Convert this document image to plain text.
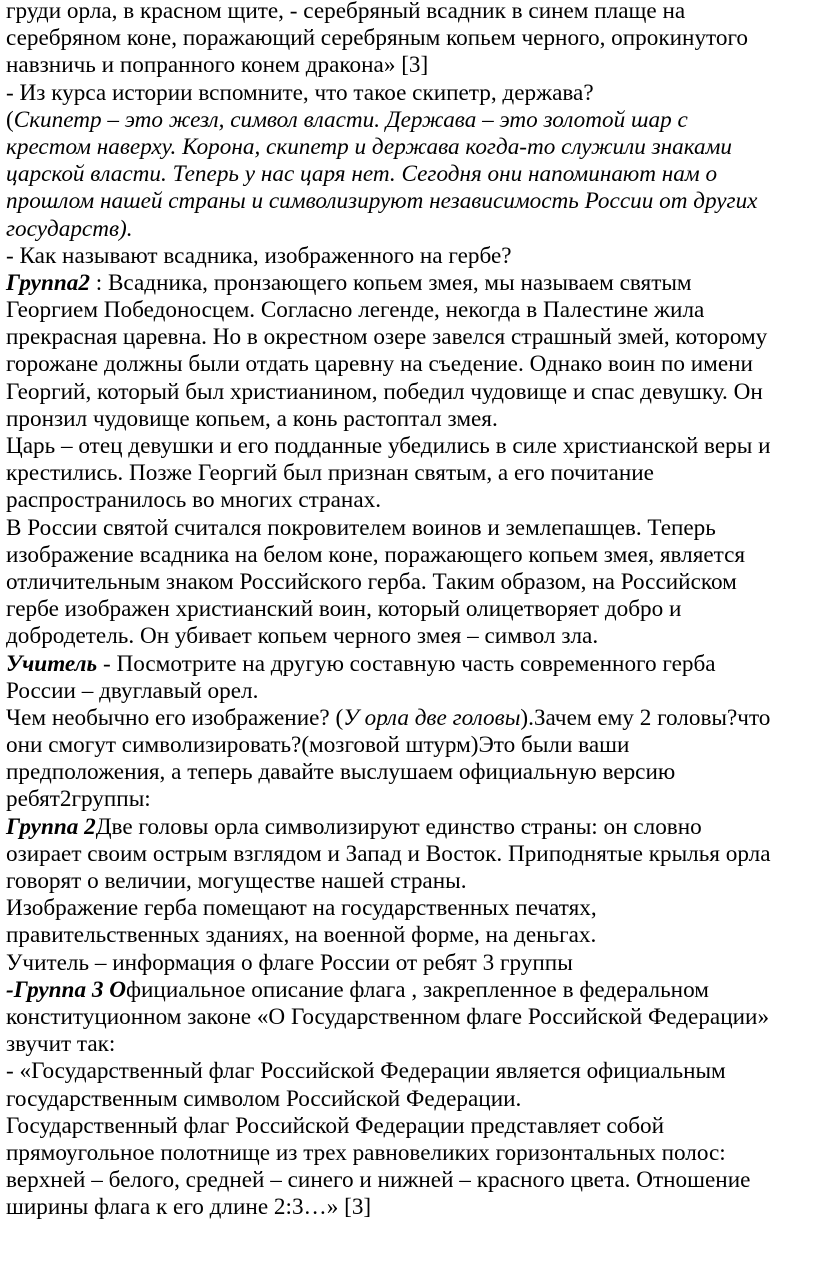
груди орла, в красном щите, - серебряный всадник в синем плаще на
серебряном коне, поражающий серебряным копьем черного, опрокинутого
навзничь и попранного конем дракона» [3]
- Из курса истории вспомните, что такое скипетр, держава?
(Скипетр – это жезл, символ власти. Держава – это золотой шар с
крестом наверху. Корона, скипетр и держава когда-то служили знаками
царской власти. Теперь у нас царя нет. Сегодня они напоминают нам о
прошлом нашей страны и символизируют независимость России от других
государств).
- Как называют всадника, изображенного на гербе?
Группа2 : Всадника, пронзающего копьем змея, мы называем святым
Георгием Победоносцем. Согласно легенде, некогда в Палестине жила
прекрасная царевна. Но в окрестном озере завелся страшный змей, которому
горожане должны были отдать царевну на съедение. Однако воин по имени
Георгий, который был христианином, победил чудовище и спас девушку. Он
пронзил чудовище копьем, а конь растоптал змея.
Царь – отец девушки и его подданные убедились в силе христианской веры и
крестились. Позже Георгий был признан святым, а его почитание
распространилось во многих странах.
В России святой считался покровителем воинов и землепашцев. Теперь
изображение всадника на белом коне, поражающего копьем змея, является
отличительным знаком Российского герба. Таким образом, на Российском
гербе изображен христианский воин, который олицетворяет добро и
добродетель. Он убивает копьем черного змея – символ зла.
Учитель - Посмотрите на другую составную часть современного герба
России – двуглавый орел.
Чем необычно его изображение? (У орла две головы).Зачем ему 2 головы?что
они смогут символизировать?(мозговой штурм)Это были ваши
предположения, а теперь давайте выслушаем официальную версию
ребят2группы:
Группа 2Две головы орла символизируют единство страны: он словно
озирает своим острым взглядом и Запад и Восток. Приподнятые крылья орла
говорят о величии, могуществе нашей страны.
Изображение герба помещают на государственных печатях,
правительственных зданиях, на военной форме, на деньгах.
Учитель – информация о флаге России от ребят 3 группы
-Группа 3 Официальное описание флага , закрепленное в федеральном
конституционном законе «О Государственном флаге Российской Федерации»
звучит так:
- «Государственный флаг Российской Федерации является официальным
государственным символом Российской Федерации.
Государственный флаг Российской Федерации представляет собой
прямоугольное полотнище из трех равновеликих горизонтальных полос:
верхней – белого, средней – синего и нижней – красного цвета. Отношение
ширины флага к его длине 2:3…» [3]
